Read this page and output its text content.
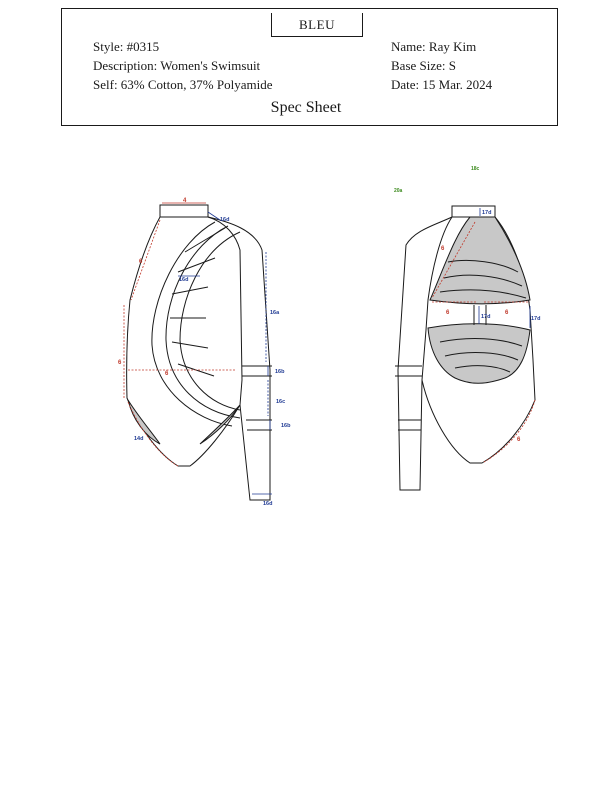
BLEU
Style: #0315
Description: Women's Swimsuit
Self: 63% Cotton, 37% Polyamide
Name: Ray Kim
Base Size: S
Date: 15 Mar. 2024
Spec Sheet
4
16d
6
6
16d
6
16a
16b
16c
16b
16d
14d
18c
20a
17d
6
6
17d
6
17d
6
